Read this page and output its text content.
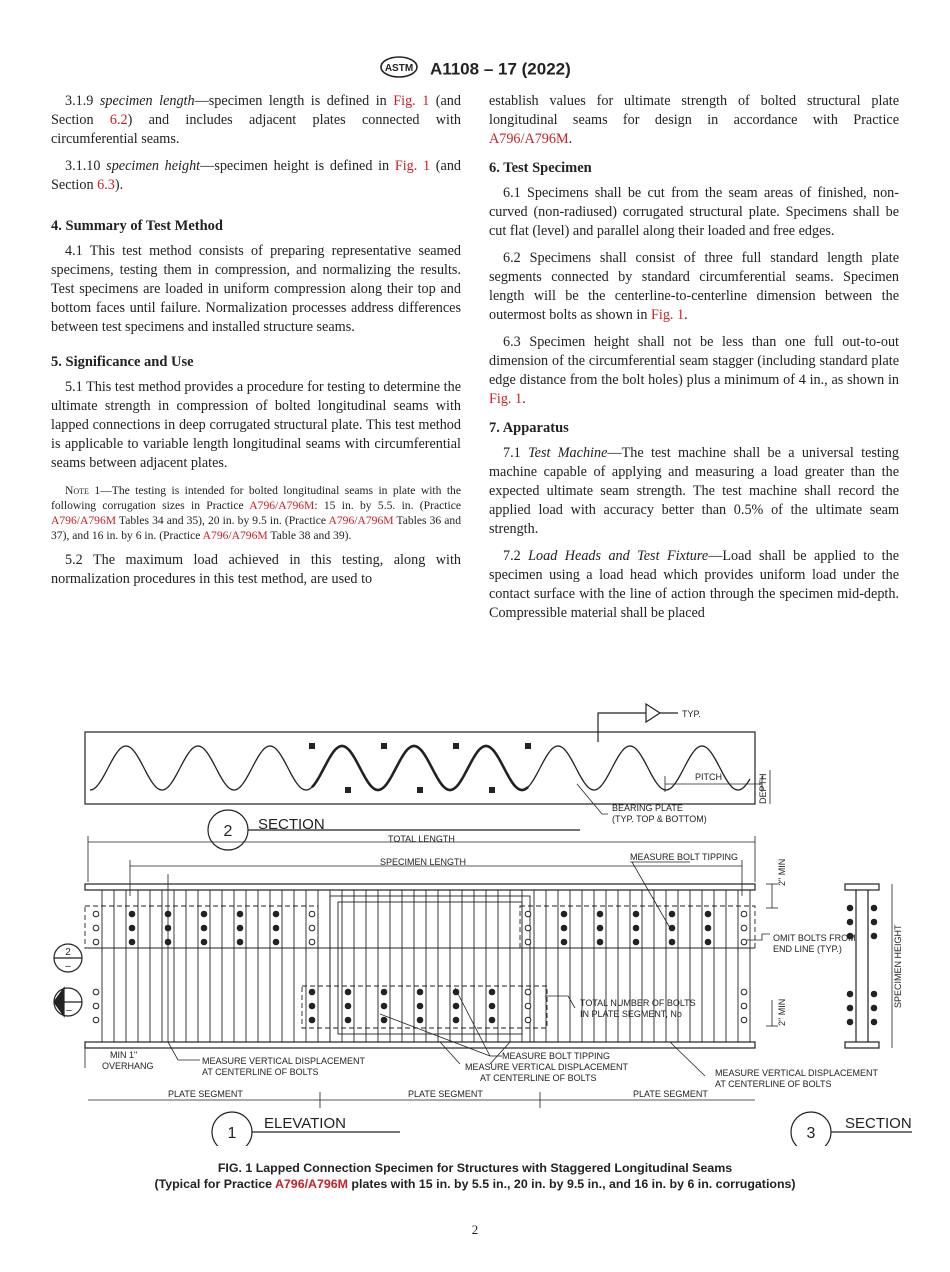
ASTM A1108 – 17 (2022)

3.1.9 specimen length—specimen length is defined in Fig. 1 (and Section 6.2) and includes adjacent plates connected with circumferential seams.

3.1.10 specimen height—specimen height is defined in Fig. 1 (and Section 6.3).

4. Summary of Test Method

4.1 This test method consists of preparing representative seamed specimens, testing them in compression, and normalizing the results. Test specimens are loaded in uniform compression along their top and bottom faces until failure. Normalization processes address differences between test specimens and installed structure seams.

5. Significance and Use

5.1 This test method provides a procedure for testing to determine the ultimate strength in compression of bolted longitudinal seams with lapped connections in deep corrugated structural plate. This test method is applicable to variable length longitudinal seams with circumferential seams between adjacent plates.

Note 1—The testing is intended for bolted longitudinal seams in plate with the following corrugation sizes in Practice A796/A796M: 15 in. by 5.5. in. (Practice A796/A796M Tables 34 and 35), 20 in. by 9.5 in. (Practice A796/A796M Tables 36 and 37), and 16 in. by 6 in. (Practice A796/A796M Table 38 and 39).

5.2 The maximum load achieved in this testing, along with normalization procedures in this test method, are used to

establish values for ultimate strength of bolted structural plate longitudinal seams for design in accordance with Practice A796/A796M.

6. Test Specimen

6.1 Specimens shall be cut from the seam areas of finished, non-curved (non-radiused) corrugated structural plate. Specimens shall be cut flat (level) and parallel along their loaded and free edges.

6.2 Specimens shall consist of three full standard length plate segments connected by standard circumferential seams. Specimen length will be the centerline-to-centerline dimension between the outermost bolts as shown in Fig. 1.

6.3 Specimen height shall not be less than one full out-to-out dimension of the circumferential seam stagger (including standard plate edge distance from the bolt holes) plus a minimum of 4 in., as shown in Fig. 1.

7. Apparatus

7.1 Test Machine—The test machine shall be a universal testing machine capable of applying and measuring a load greater than the expected ultimate seam strength. The test machine shall record the applied load with accuracy better than 0.5% of the ultimate seam strength.

7.2 Load Heads and Test Fixture—Load shall be applied to the specimen using a load head which provides uniform load under the contact surface with the line of action through the specimen mid-depth. Compressible material shall be placed

TYP.
PITCH	DEPTH
BEARING PLATE
(TYP. TOP & BOTTOM)
2 SECTION
TOTAL LENGTH
SPECIMEN LENGTH	MEASURE BOLT TIPPING
2" MIN
OMIT BOLTS FROM
END LINE (TYP.)	SPECIMEN HEIGHT
2" MIN
TOTAL NUMBER OF BOLTS
IN PLATE SEGMENT, No
MIN 1"
OVERHANG	MEASURE VERTICAL DISPLACEMENT
AT CENTERLINE OF BOLTS
MEASURE BOLT TIPPING
MEASURE VERTICAL DISPLACEMENT
AT CENTERLINE OF BOLTS	MEASURE VERTICAL DISPLACEMENT
AT CENTERLINE OF BOLTS
PLATE SEGMENT	PLATE SEGMENT	PLATE SEGMENT
1
ELEVATION
3
SECTION
2
–
3
–
FIG. 1 Lapped Connection Specimen for Structures with Staggered Longitudinal Seams
(Typical for Practice A796/A796M plates with 15 in. by 5.5 in., 20 in. by 9.5 in., and 16 in. by 6 in. corrugations)
2
